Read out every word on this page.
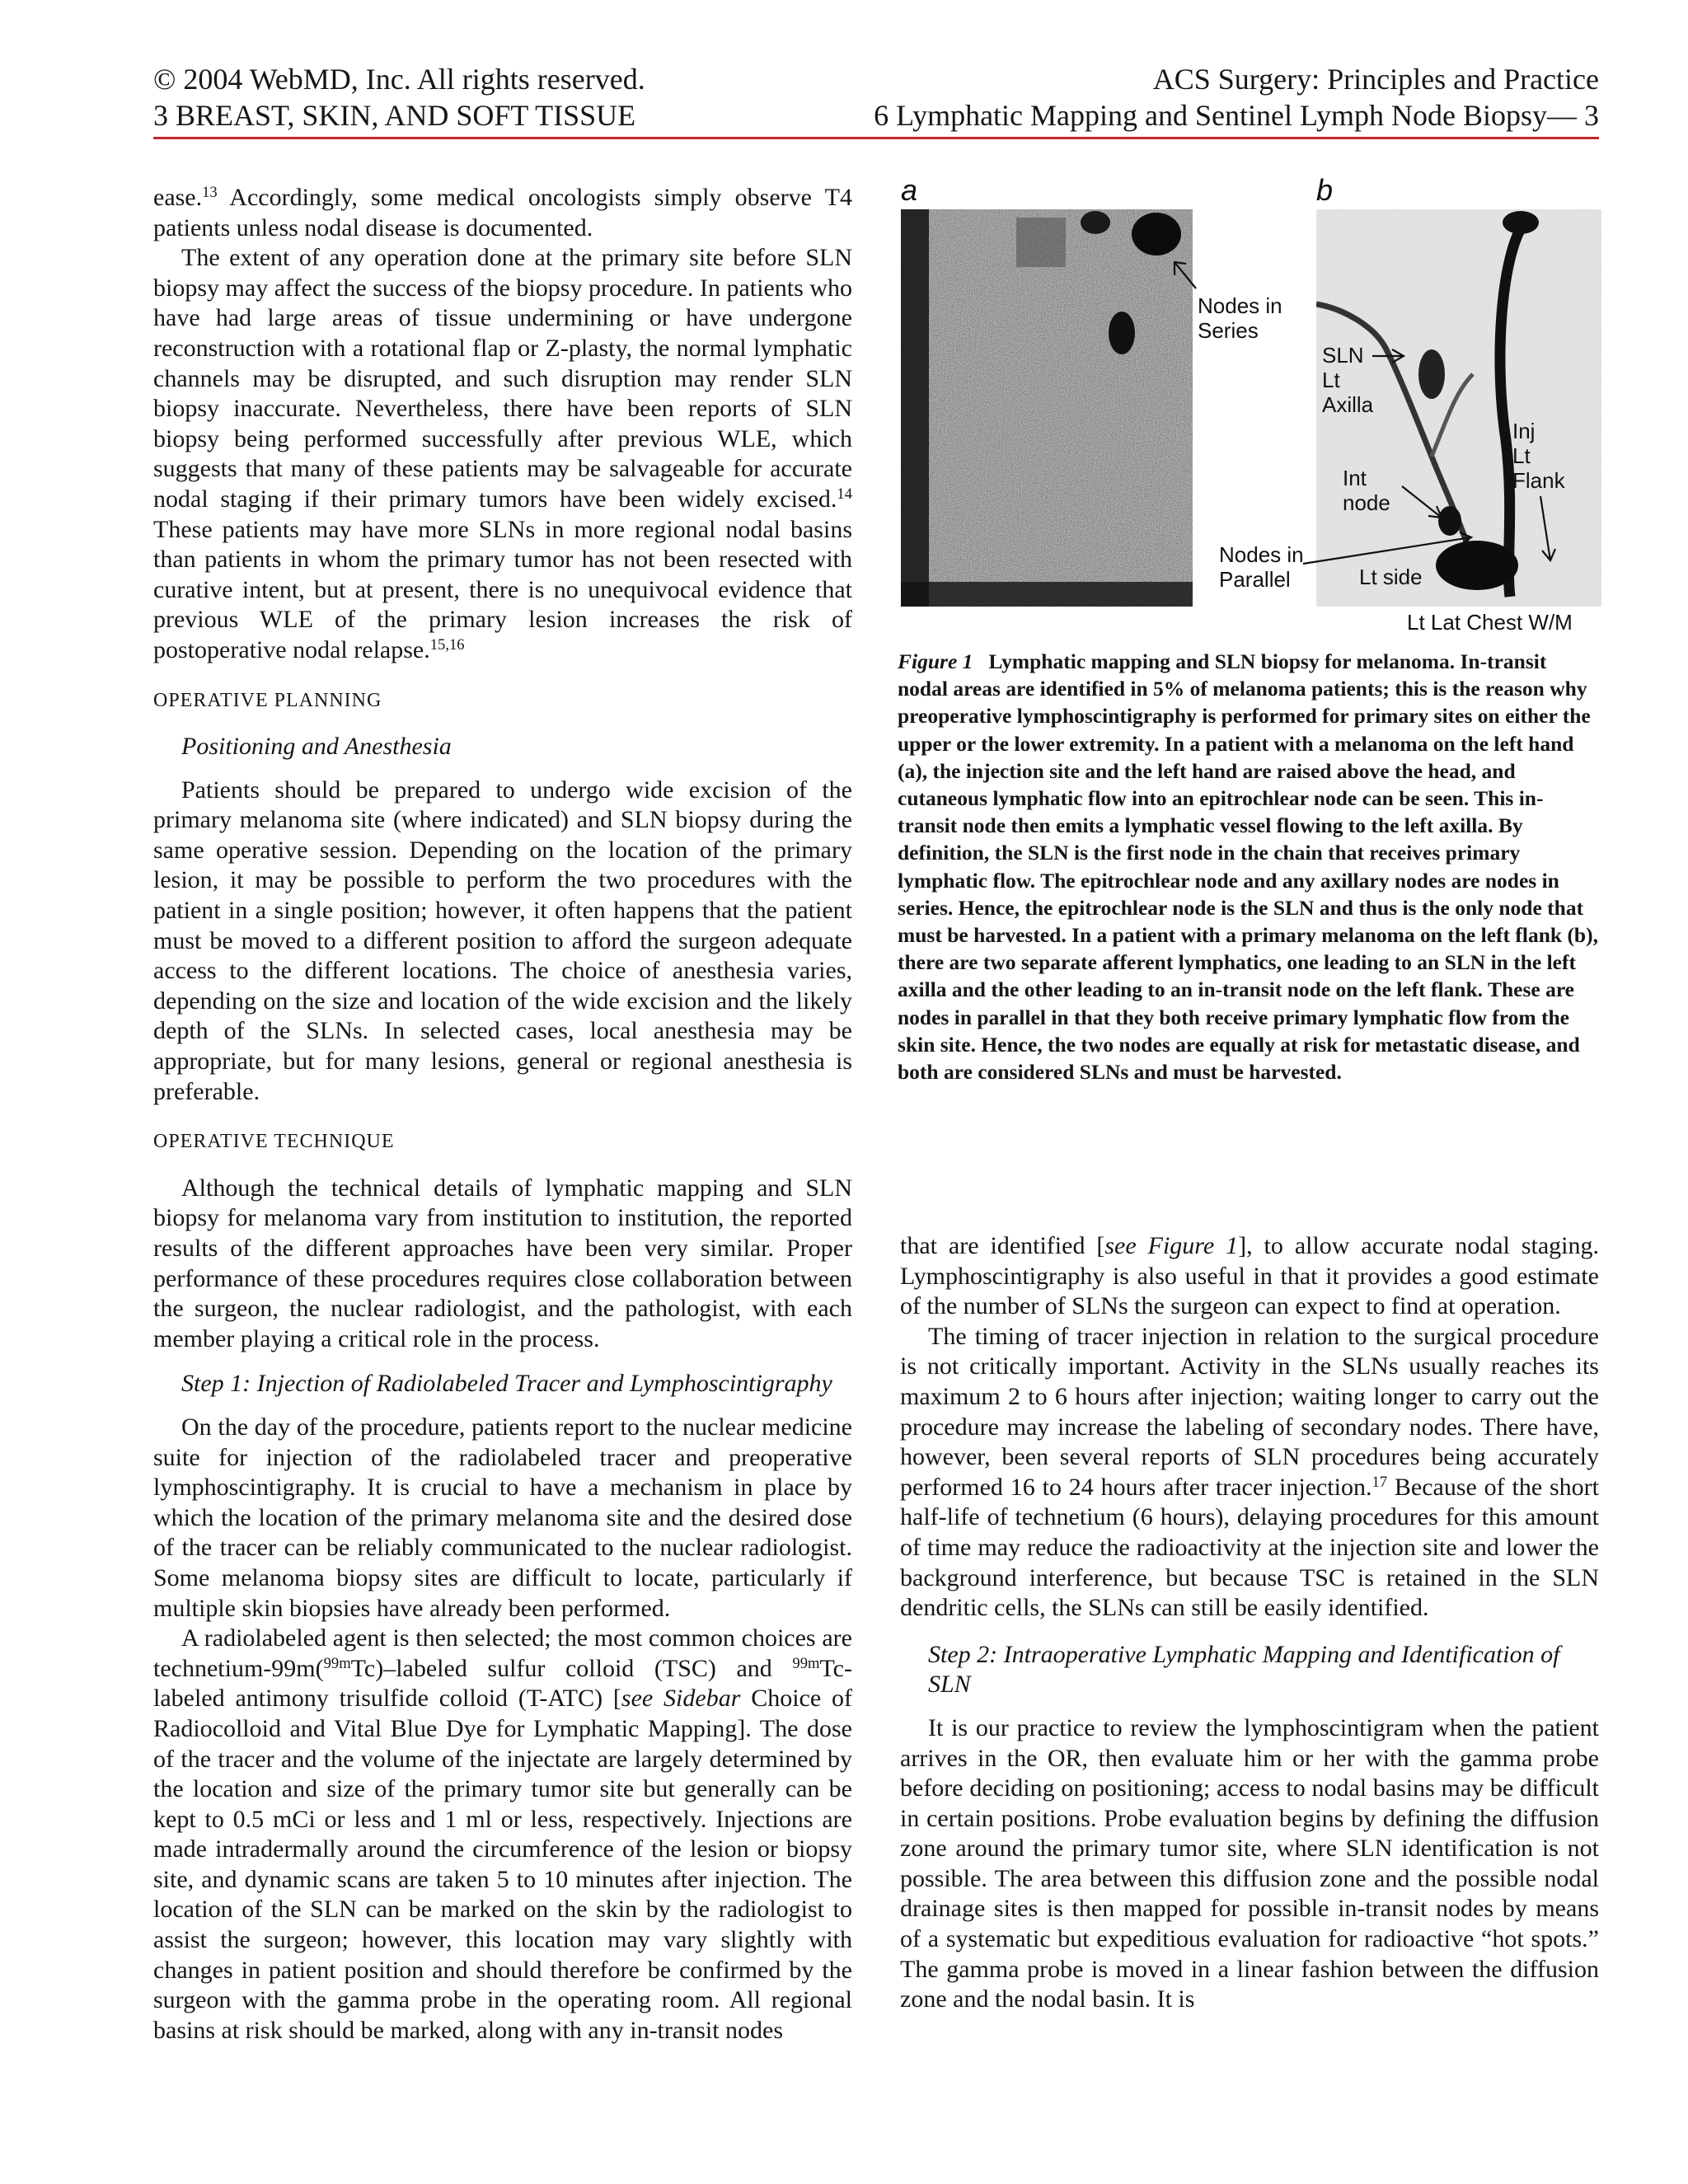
© 2004 WebMD, Inc. All rights reserved.
3 BREAST, SKIN, AND SOFT TISSUE
ACS Surgery: Principles and Practice
6 Lymphatic Mapping and Sentinel Lymph Node Biopsy— 3

ease.$^{13}$ Accordingly, some medical oncologists simply observe T4 patients unless nodal disease is documented.

The extent of any operation done at the primary site before SLN biopsy may affect the success of the biopsy procedure. In patients who have had large areas of tissue undermining or have undergone reconstruction with a rotational flap or Z-plasty, the normal lymphatic channels may be disrupted, and such disruption may render SLN biopsy inaccurate. Nevertheless, there have been reports of SLN biopsy being performed successfully after previous WLE, which suggests that many of these patients may be salvageable for accurate nodal staging if their primary tumors have been widely excised.$^{14}$ These patients may have more SLNs in more regional nodal basins than patients in whom the primary tumor has not been resected with curative intent, but at present, there is no unequivocal evidence that previous WLE of the primary lesion increases the risk of postoperative nodal relapse.$^{15,16}$

OPERATIVE PLANNING
Positioning and Anesthesia

Patients should be prepared to undergo wide excision of the primary melanoma site (where indicated) and SLN biopsy during the same operative session. Depending on the location of the primary lesion, it may be possible to perform the two procedures with the patient in a single position; however, it often happens that the patient must be moved to a different position to afford the surgeon adequate access to the different locations. The choice of anesthesia varies, depending on the size and location of the wide excision and the likely depth of the SLNs. In selected cases, local anesthesia may be appropriate, but for many lesions, general or regional anesthesia is preferable.

OPERATIVE TECHNIQUE

Although the technical details of lymphatic mapping and SLN biopsy for melanoma vary from institution to institution, the reported results of the different approaches have been very similar. Proper performance of these procedures requires close collaboration between the surgeon, the nuclear radiologist, and the pathologist, with each member playing a critical role in the process.

Step 1: Injection of Radiolabeled Tracer and Lymphoscintigraphy

On the day of the procedure, patients report to the nuclear medicine suite for injection of the radiolabeled tracer and preoperative lymphoscintigraphy. It is crucial to have a mechanism in place by which the location of the primary melanoma site and the desired dose of the tracer can be reliably communicated to the nuclear radiologist. Some melanoma biopsy sites are difficult to locate, particularly if multiple skin biopsies have already been performed.

A radiolabeled agent is then selected; the most common choices are technetium-99m($^{99m}$Tc)–labeled sulfur colloid (TSC) and $^{99m}$Tc-labeled antimony trisulfide colloid (T-ATC) [see Sidebar Choice of Radiocolloid and Vital Blue Dye for Lymphatic Mapping]. The dose of the tracer and the volume of the injectate are largely determined by the location and size of the primary tumor site but generally can be kept to 0.5 mCi or less and 1 ml or less, respectively. Injections are made intradermally around the circumference of the lesion or biopsy site, and dynamic scans are taken 5 to 10 minutes after injection. The location of the SLN can be marked on the skin by the radiologist to assist the surgeon; however, this location may vary slightly with changes in patient position and should therefore be confirmed by the surgeon with the gamma probe in the operating room. All regional basins at risk should be marked, along with any in-transit nodes

a	b
Nodes in
Series
Nodes in
Parallel
SLN
Lt
Axilla
Inj
Lt
Flank
Int
node
Lt side
Lt Lat Chest W/M
Figure 1 Lymphatic mapping and SLN biopsy for melanoma. In-transit nodal areas are identified in 5% of melanoma patients; this is the reason why preoperative lymphoscintigraphy is performed for primary sites on either the upper or the lower extremity. In a patient with a melanoma on the left hand (a), the injection site and the left hand are raised above the head, and cutaneous lymphatic flow into an epitrochlear node can be seen. This in-transit node then emits a lymphatic vessel flowing to the left axilla. By definition, the SLN is the first node in the chain that receives primary lymphatic flow. The epitrochlear node and any axillary nodes are nodes in series. Hence, the epitrochlear node is the SLN and thus is the only node that must be harvested. In a patient with a primary melanoma on the left flank (b), there are two separate afferent lymphatics, one leading to an SLN in the left axilla and the other leading to an in-transit node on the left flank. These are nodes in parallel in that they both receive primary lymphatic flow from the skin site. Hence, the two nodes are equally at risk for metastatic disease, and both are considered SLNs and must be harvested.

that are identified [see Figure 1], to allow accurate nodal staging. Lymphoscintigraphy is also useful in that it provides a good estimate of the number of SLNs the surgeon can expect to find at operation.

The timing of tracer injection in relation to the surgical procedure is not critically important. Activity in the SLNs usually reaches its maximum 2 to 6 hours after injection; waiting longer to carry out the procedure may increase the labeling of secondary nodes. There have, however, been several reports of SLN procedures being accurately performed 16 to 24 hours after tracer injection.$^{17}$ Because of the short half-life of technetium (6 hours), delaying procedures for this amount of time may reduce the radioactivity at the injection site and lower the background interference, but because TSC is retained in the SLN dendritic cells, the SLNs can still be easily identified.

Step 2: Intraoperative Lymphatic Mapping and Identification of SLN

It is our practice to review the lymphoscintigram when the patient arrives in the OR, then evaluate him or her with the gamma probe before deciding on positioning; access to nodal basins may be difficult in certain positions. Probe evaluation begins by defining the diffusion zone around the primary tumor site, where SLN identification is not possible. The area between this diffusion zone and the possible nodal drainage sites is then mapped for possible in-transit nodes by means of a systematic but expeditious evaluation for radioactive “hot spots.” The gamma probe is moved in a linear fashion between the diffusion zone and the nodal basin. It is
